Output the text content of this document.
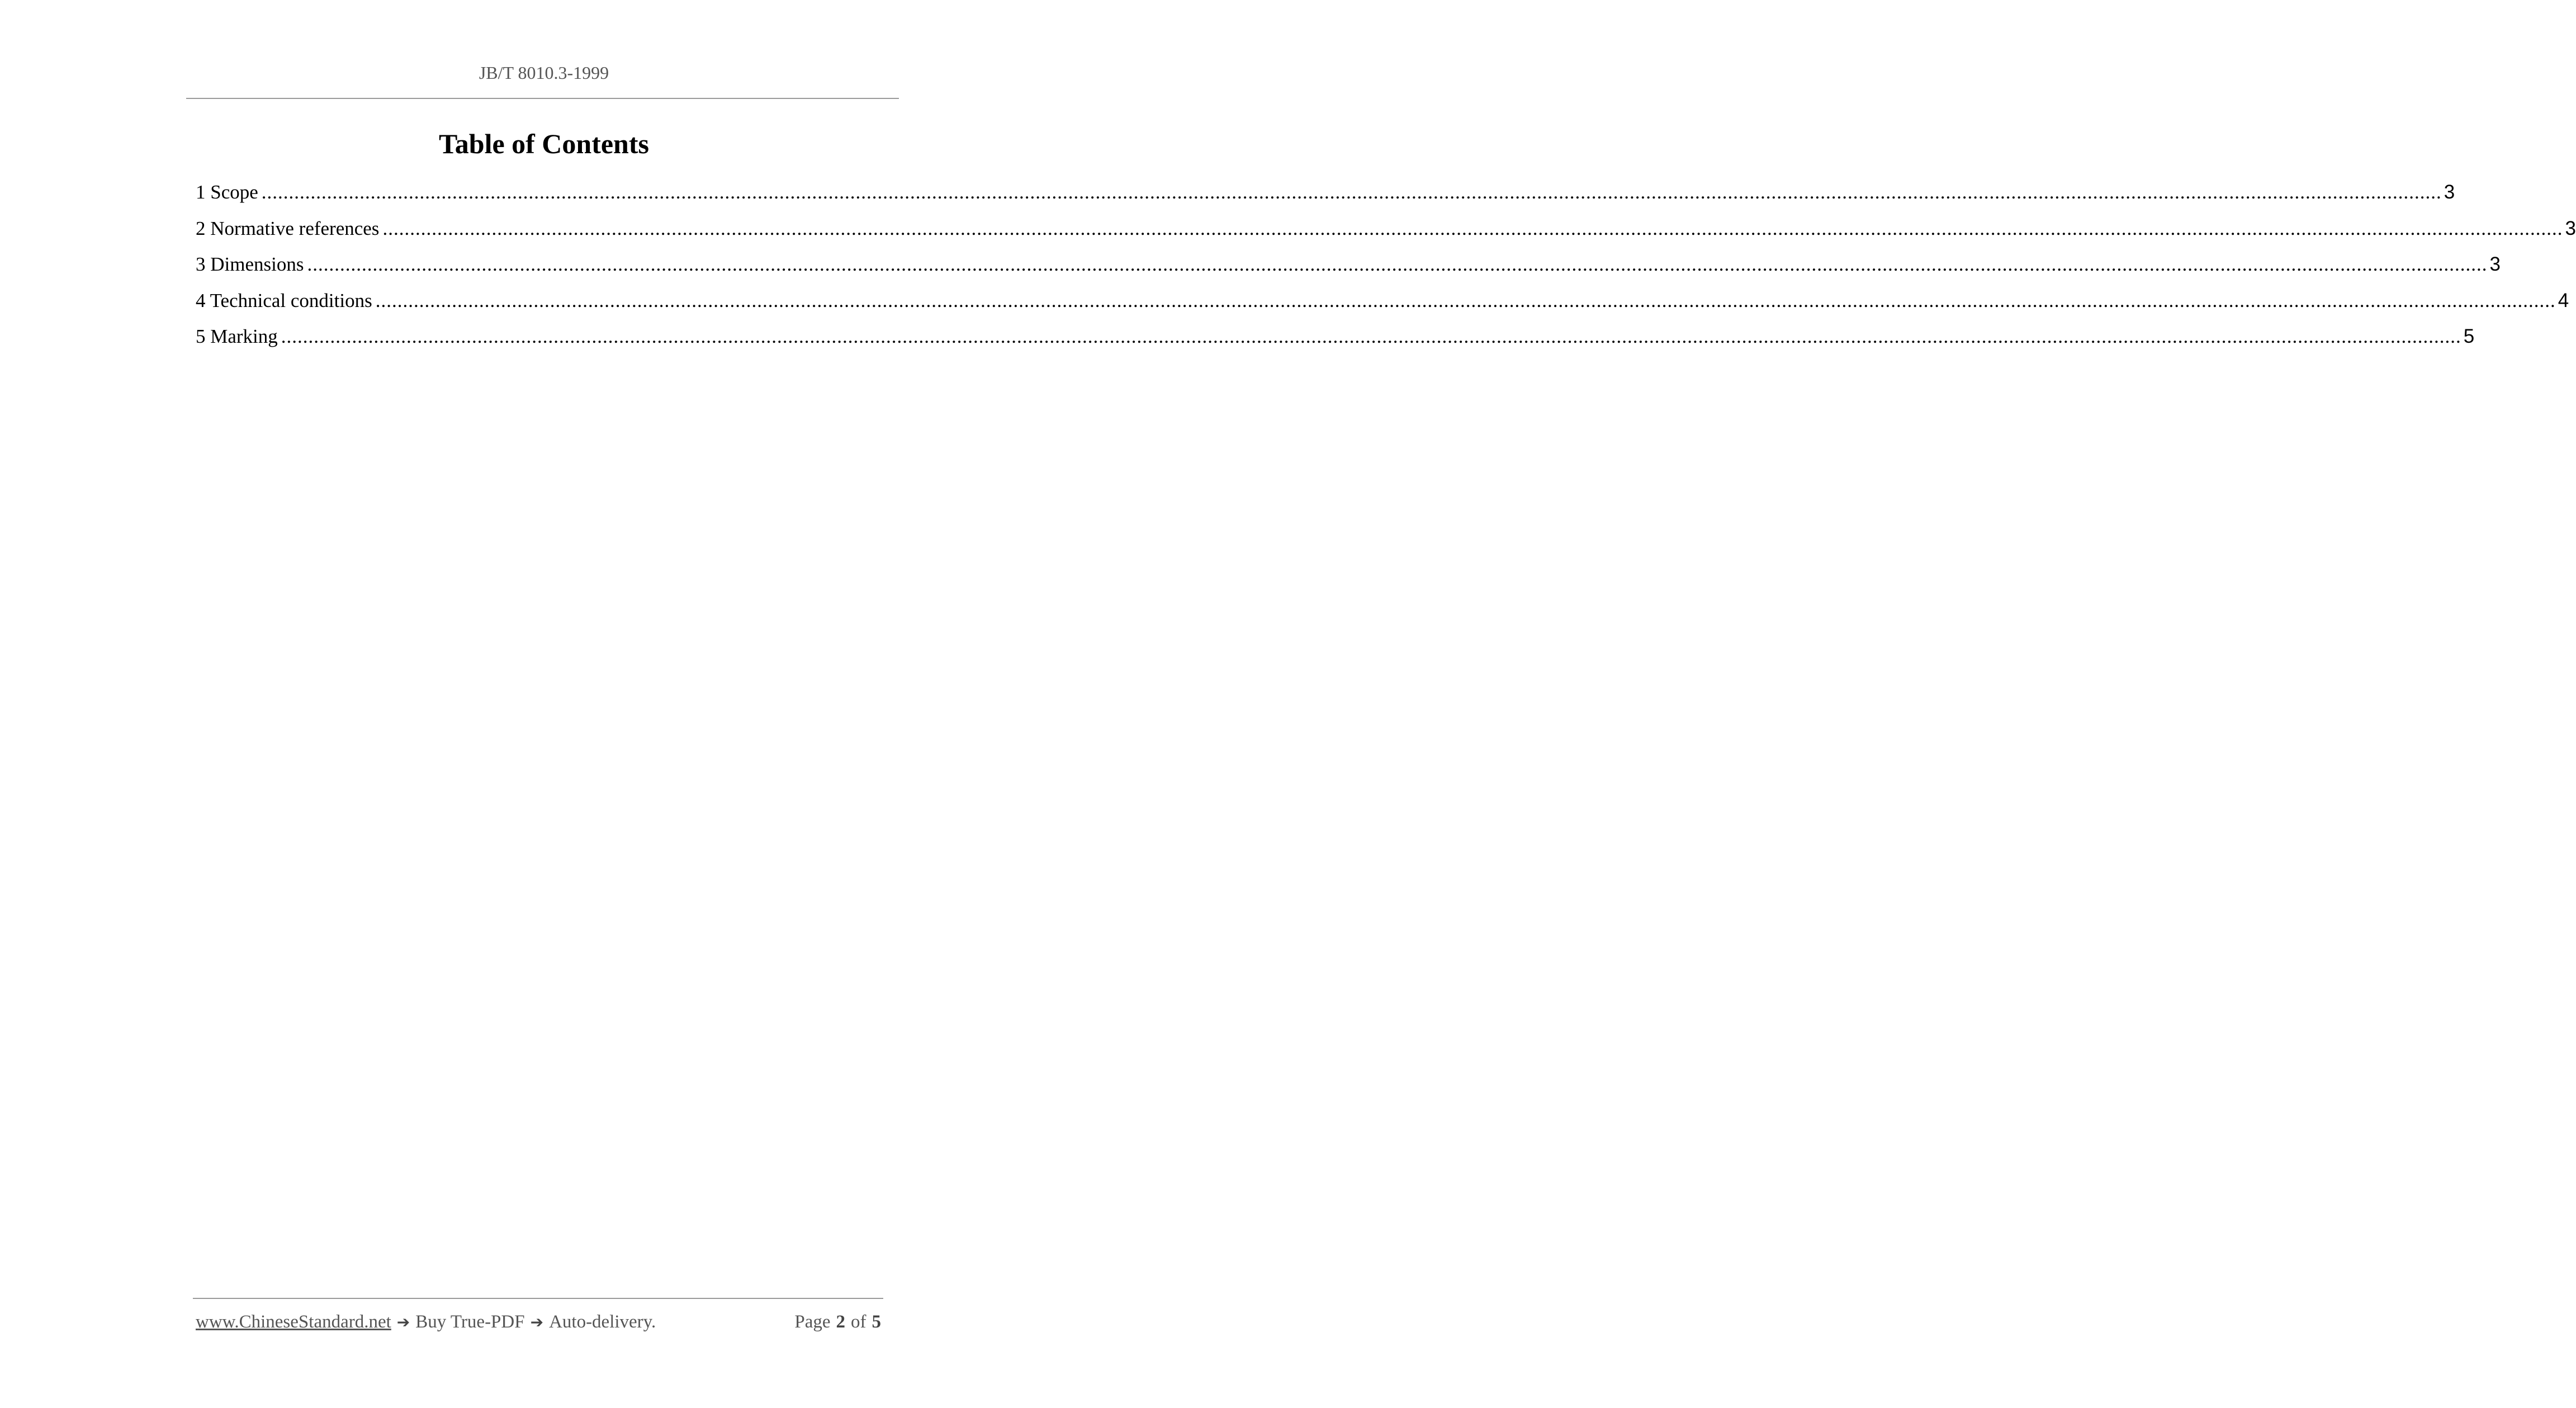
JB/T 8010.3-1999
Table of Contents
1 Scope ................................................................................................................................................................................................................................................................................................................................................................................................................ 3
2 Normative references ................................................................................................................................................................................................................................................................................................................................................................................................................ 3
3 Dimensions ................................................................................................................................................................................................................................................................................................................................................................................................................ 3
4 Technical conditions ................................................................................................................................................................................................................................................................................................................................................................................................................ 4
5 Marking ................................................................................................................................................................................................................................................................................................................................................................................................................ 5
www.ChineseStandard.net ➔ Buy True-PDF ➔ Auto-delivery.	Page 2 of 5
